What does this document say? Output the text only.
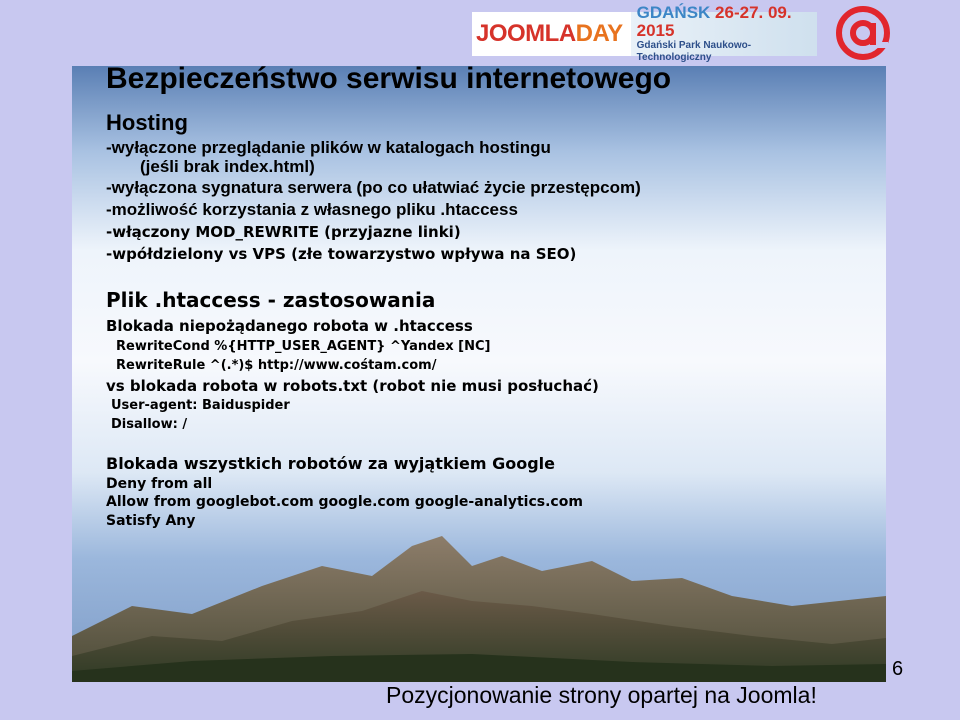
JOOMLADAY
GDAŃSK 26-27. 09. 2015
Gdański Park Naukowo-Technologiczny
Bezpieczeństwo serwisu internetowego
Hosting

-wyłączone przeglądanie plików w katalogach hostingu

(jeśli brak index.html)

-wyłączona sygnatura serwera (po co ułatwiać życie przestępcom)

-możliwość korzystania z własnego pliku .htaccess

-włączony MOD_REWRITE (przyjazne linki)

-wpółdzielony vs VPS (złe towarzystwo wpływa na SEO)

Plik .htaccess - zastosowania

Blokada niepożądanego robota w .htaccess

RewriteCond %{HTTP_USER_AGENT} ^Yandex [NC]

RewriteRule ^(.*)$ http://www.cośtam.com/

vs blokada robota w robots.txt (robot nie musi posłuchać)

User-agent: Baiduspider

Disallow: /

Blokada wszystkich robotów za wyjątkiem Google

Deny from all

Allow from googlebot.com google.com google-analytics.com

Satisfy Any

Pozycjonowanie strony opartej na Joomla!

6
